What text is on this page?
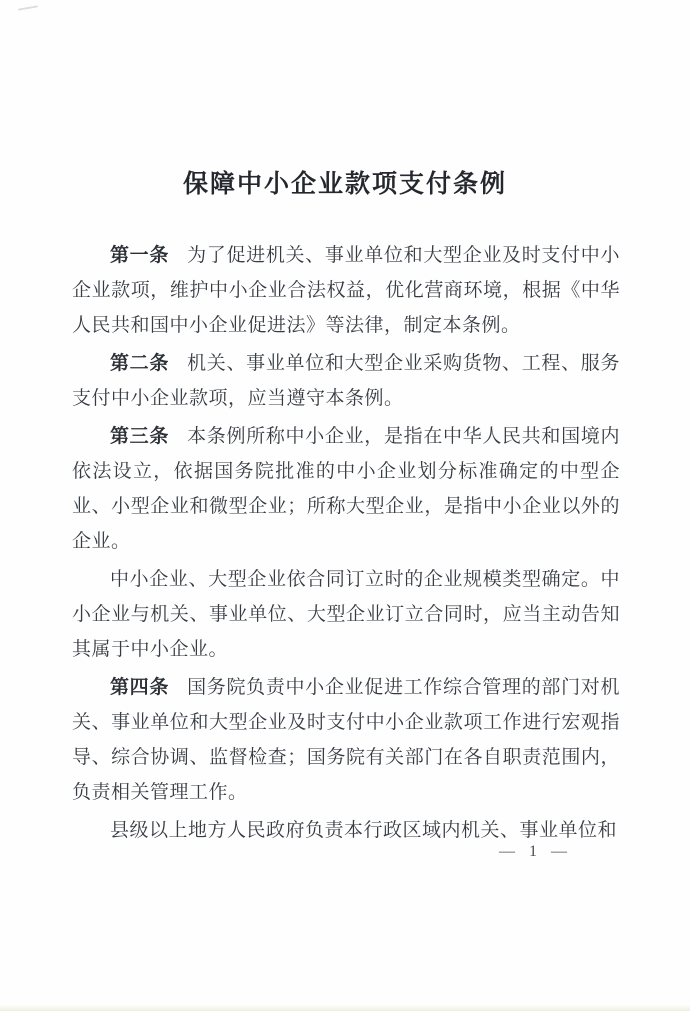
保障中小企业款项支付条例

第一条 为了促进机关、事业单位和大型企业及时支付中小企业款项，维护中小企业合法权益，优化营商环境，根据《中华人民共和国中小企业促进法》等法律，制定本条例。

第二条 机关、事业单位和大型企业采购货物、工程、服务支付中小企业款项，应当遵守本条例。

第三条 本条例所称中小企业，是指在中华人民共和国境内依法设立，依据国务院批准的中小企业划分标准确定的中型企业、小型企业和微型企业；所称大型企业，是指中小企业以外的企业。

中小企业、大型企业依合同订立时的企业规模类型确定。中小企业与机关、事业单位、大型企业订立合同时，应当主动告知其属于中小企业。

第四条 国务院负责中小企业促进工作综合管理的部门对机关、事业单位和大型企业及时支付中小企业款项工作进行宏观指导、综合协调、监督检查；国务院有关部门在各自职责范围内，负责相关管理工作。

县级以上地方人民政府负责本行政区域内机关、事业单位和

— 1 —
